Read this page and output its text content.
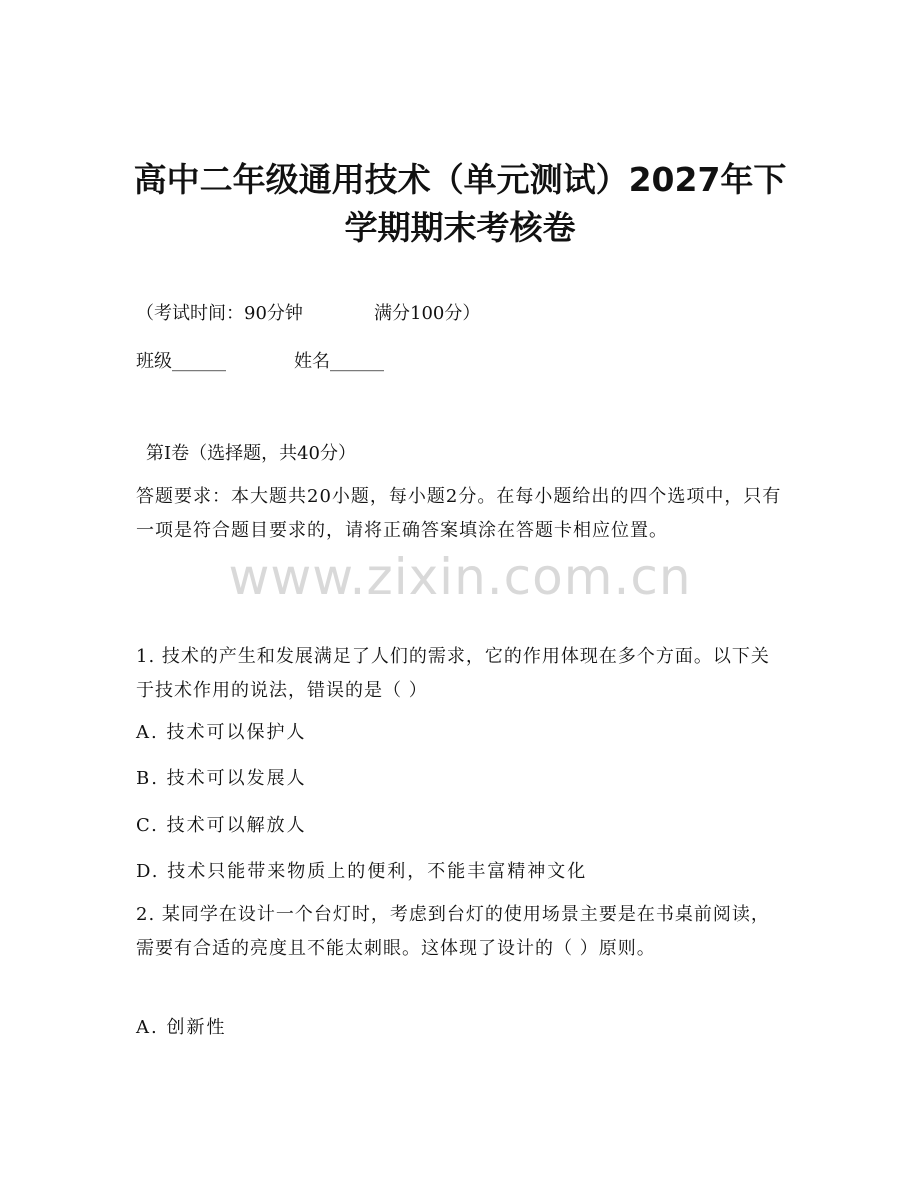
高中二年级通用技术（单元测试）2027年下
学期期末考核卷
（考试时间：90分钟	满分100分）
班级______	姓名______
第Ⅰ卷（选择题，共40分）
答题要求：本大题共20小题，每小题2分。在每小题给出的四个选项中，只有一项是符合题目要求的，请将正确答案填涂在答题卡相应位置。
www.zixin.com.cn
1. 技术的产生和发展满足了人们的需求，它的作用体现在多个方面。以下关于技术作用的说法，错误的是（ ）
A. 技术可以保护人
B. 技术可以发展人
C. 技术可以解放人
D. 技术只能带来物质上的便利，不能丰富精神文化
2. 某同学在设计一个台灯时，考虑到台灯的使用场景主要是在书桌前阅读，需要有合适的亮度且不能太刺眼。这体现了设计的（ ）原则。
A. 创新性
